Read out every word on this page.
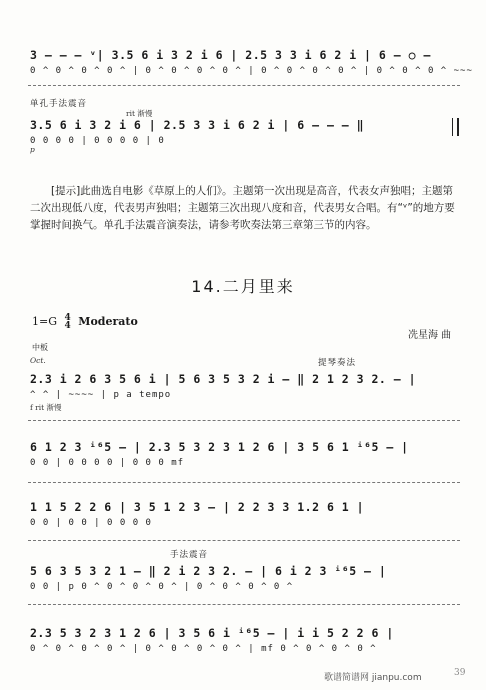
3 — — — ᵛ| 3.5 6 i 3 2 i 6 | 2.5 3 3 i 6 2 i | 6 — ○ —
0 ^ 0 ^ 0 ^ 0 ^ | 0 ^ 0 ^ 0 ^ 0 ^ | 0 ^ 0 ^ 0 ^ 0 ^ | 0 ^ 0 ^ 0 ^ ~~~
单孔手法震音
rit 渐慢
3.5 6 i 3 2 i 6 | 2.5 3 3 i 6 2 i | 6 — — — ‖
0 0 0 0 | 0 0 0 0 | 0
p
[提示]此曲选自电影《草原上的人们》。主题第一次出现是高音，代表女声独唱；主题第二次出现低八度，代表男声独唱；主题第三次出现八度和音，代表男女合唱。有“ᵛ”的地方要掌握时间换气。单孔手法震音演奏法，请参考吹奏法第三章第三节的内容。
14.二月里来
1=G 4
4 Moderato
冼星海 曲
中板
Oct.	提琴奏法
2.3 i 2 6 3 5 6 i | 5 6 3 5 3 2 i — ‖ 2 1 2 3 2. — |
^ ^ | ~~~~ | p a tempo
f rit 渐慢
6 1 2 3 ⁱ⁶5 — | 2.3 5 3 2 3 1 2 6 | 3 5 6 1 ⁱ⁶5 — |
0 0 | 0 0 0 0 | 0 0 0 mf
1 1 5 2 2 6 | 3 5 1 2 3 — | 2 2 3 3 1.2 6 1 |
0 0 | 0 0 | 0 0 0 0
手法震音
5 6 3 5 3 2 1 — ‖ 2 i 2 3 2. — | 6 i 2 3 ⁱ⁶5 — |
0 0 | p 0 ^ 0 ^ 0 ^ 0 ^ | 0 ^ 0 ^ 0 ^ 0 ^
2.3 5 3 2 3 1 2 6 | 3 5 6 i ⁱ⁶5 — | i i 5 2 2 6 |
0 ^ 0 ^ 0 ^ 0 ^ | 0 ^ 0 ^ 0 ^ 0 ^ | mf 0 ^ 0 ^ 0 ^ 0 ^
歌谱简谱网 jianpu.com	39
